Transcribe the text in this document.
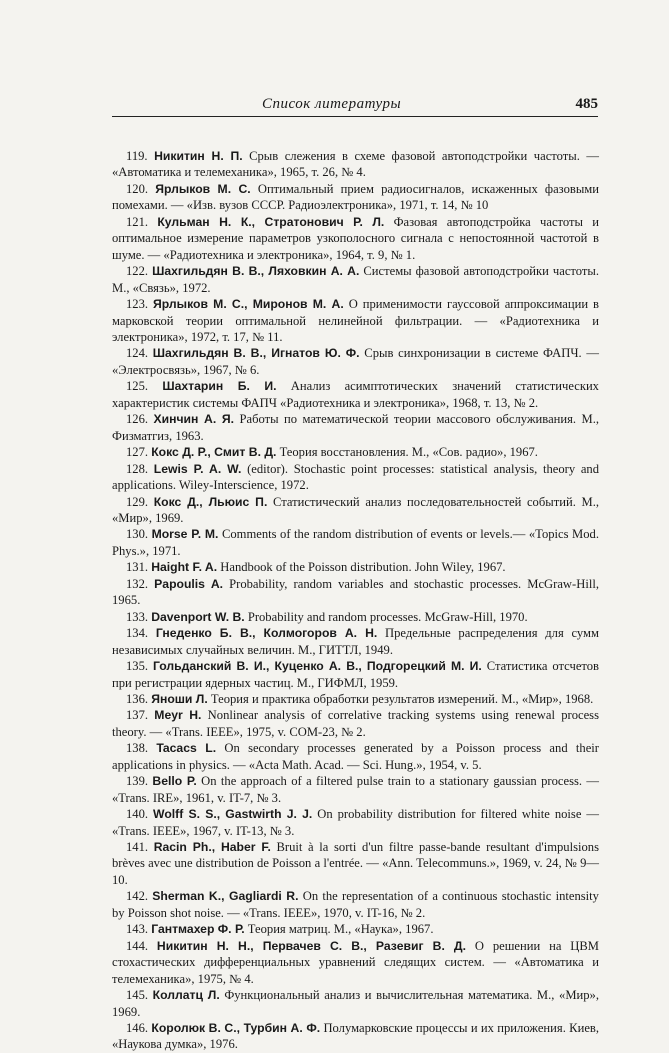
Список литературы	485

119. Никитин Н. П. Срыв слежения в схеме фазовой автоподстройки частоты. — «Автоматика и телемеханика», 1965, т. 26, № 4.

120. Ярлыков М. С. Оптимальный прием радиосигналов, искаженных фазовыми помехами. — «Изв. вузов СССР. Радиоэлектроника», 1971, т. 14, № 10

121. Кульман Н. К., Стратонович Р. Л. Фазовая автоподстройка частоты и оптимальное измерение параметров узкополосного сигнала с непостоянной частотой в шуме. — «Радиотехника и электроника», 1964, т. 9, № 1.

122. Шахгильдян В. В., Ляховкин А. А. Системы фазовой автоподстройки частоты. М., «Связь», 1972.

123. Ярлыков М. С., Миронов М. А. О применимости гауссовой аппроксимации в марковской теории оптимальной нелинейной фильтрации. — «Радиотехника и электроника», 1972, т. 17, № 11.

124. Шахгильдян В. В., Игнатов Ю. Ф. Срыв синхронизации в системе ФАПЧ. — «Электросвязь», 1967, № 6.

125. Шахтарин Б. И. Анализ асимптотических значений статистических характеристик системы ФАПЧ «Радиотехника и электроника», 1968, т. 13, № 2.

126. Хинчин А. Я. Работы по математической теории массового обслуживания. М., Физматгиз, 1963.

127. Кокс Д. Р., Смит В. Д. Теория восстановления. М., «Сов. радио», 1967.

128. Lewis P. A. W. (editor). Stochastic point processes: statistical analysis, theory and applications. Wiley-Interscience, 1972.

129. Кокс Д., Льюис П. Статистический анализ последовательностей событий. М., «Мир», 1969.

130. Morse P. M. Comments of the random distribution of events or levels.— «Topics Mod. Phys.», 1971.

131. Haight F. A. Handbook of the Poisson distribution. John Wiley, 1967.

132. Papoulis A. Probability, random variables and stochastic processes. McGraw-Hill, 1965.

133. Davenport W. B. Probability and random processes. McGraw-Hill, 1970.

134. Гнеденко Б. В., Колмогоров А. Н. Предельные распределения для сумм независимых случайных величин. М., ГИТТЛ, 1949.

135. Гольданский В. И., Куценко А. В., Подгорецкий М. И. Статистика отсчетов при регистрации ядерных частиц. М., ГИФМЛ, 1959.

136. Яноши Л. Теория и практика обработки результатов измерений. М., «Мир», 1968.

137. Meyr H. Nonlinear analysis of correlative tracking systems using renewal process theory. — «Trans. IEEE», 1975, v. COM-23, № 2.

138. Tacacs L. On secondary processes generated by a Poisson process and their applications in physics. — «Acta Math. Acad. — Sci. Hung.», 1954, v. 5.

139. Bello P. On the approach of a filtered pulse train to a stationary gaussian process. — «Trans. IRE», 1961, v. IT-7, № 3.

140. Wolff S. S., Gastwirth J. J. On probability distribution for filtered white noise — «Trans. IEEE», 1967, v. IT-13, № 3.

141. Racin Ph., Haber F. Bruit à la sorti d'un filtre passe-bande resultant d'impulsions brèves avec une distribution de Poisson a l'entrée. — «Ann. Telecommuns.», 1969, v. 24, № 9—10.

142. Sherman K., Gagliardi R. On the representation of a continuous stochastic intensity by Poisson shot noise. — «Trans. IEEE», 1970, v. IT-16, № 2.

143. Гантмахер Ф. Р. Теория матриц. М., «Наука», 1967.

144. Никитин Н. Н., Первачев С. В., Разевиг В. Д. О решении на ЦВМ стохастических дифференциальных уравнений следящих систем. — «Автоматика и телемеханика», 1975, № 4.

145. Коллатц Л. Функциональный анализ и вычислительная математика. М., «Мир», 1969.

146. Королюк В. С., Турбин А. Ф. Полумарковские процессы и их приложения. Киев, «Наукова думка», 1976.
